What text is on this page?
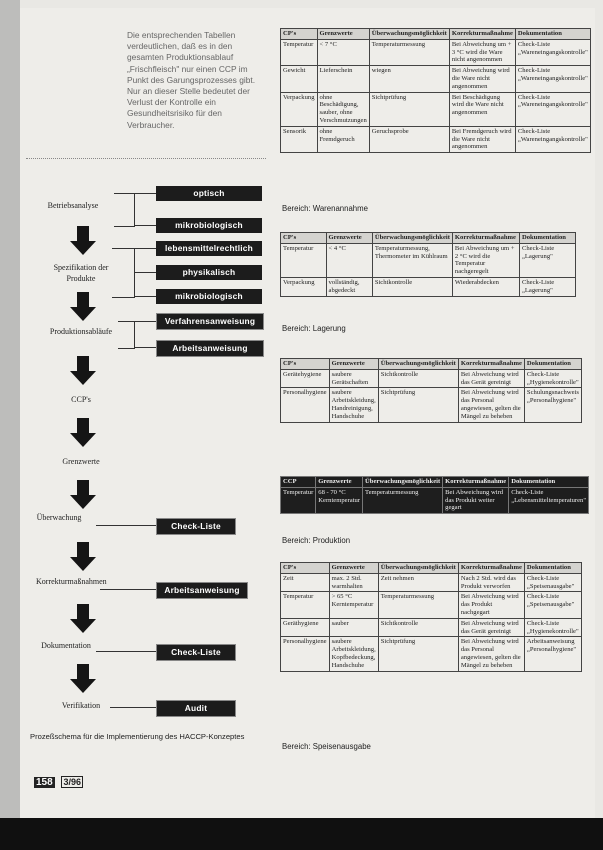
Die entsprechenden Tabellen verdeutlichen, daß es in den gesamten Produktionsablauf „Frischfleisch" nur einen CCP im Punkt des Garungsprozesses gibt. Nur an dieser Stelle bedeutet der Verlust der Kontrolle ein Gesundheitsrisiko für den Verbraucher.
Betriebsanalyse
Spezifikation der Produkte
Produktionsabläufe
CCP's
Grenzwerte
Überwachung
Korrekturmaßnahmen
Dokumentation
Verifikation
optisch
mikrobiologisch
lebensmittelrechtlich
physikalisch
mikrobiologisch
Verfahrensanweisung
Arbeitsanweisung
Check-Liste
Arbeitsanweisung
Check-Liste
Audit
Prozeßschema für die Implementierung des HACCP-Konzeptes
CP's	Grenzwerte	Überwachungsmöglichkeit	Korrekturmaßnahme	Dokumentation
Temperatur	< 7 °C	Temperaturmessung	Bei Abweichung um + 3 °C wird die Ware nicht angenommen	Check-Liste „Wareneingangskontrolle"
Gewicht	Lieferschein	wiegen	Bei Abweichung wird die Ware nicht angenommen	Check-Liste „Wareneingangskontrolle"
Verpackung	ohne Beschädigung, sauber, ohne Verschmutzungen	Sichtprüfung	Bei Beschädigung wird die Ware nicht angenommen	Check-Liste „Wareneingangskontrolle"
Sensorik	ohne Fremdgeruch	Geruchsprobe	Bei Fremdgeruch wird die Ware nicht angenommen	Check-Liste „Wareneingangskontrolle"
Bereich: Warenannahme
CP's	Grenzwerte	Überwachungsmöglichkeit	Korrekturmaßnahme	Dokumentation
Temperatur	< 4 °C	Temperaturmessung, Thermometer im Kühlraum	Bei Abweichung um + 2 °C wird die Temperatur nachgeregelt	Check-Liste „Lagerung"
Verpackung	vollständig, abgedeckt	Sichtkontrolle	Wiederabdecken	Check-Liste „Lagerung"
Bereich: Lagerung
CP's	Grenzwerte	Überwachungsmöglichkeit	Korrekturmaßnahme	Dokumentation
Gerätehygiene	saubere Gerätschaften	Sichtkontrolle	Bei Abweichung wird das Gerät gereinigt	Check-Liste „Hygienekontrolle"
Personalhygiene	saubere Arbeitskleidung, Handreinigung, Handschuhe	Sichtprüfung	Bei Abweichung wird das Personal angewiesen, gelten die Mängel zu beheben	Schulungsnachweis „Personalhygiene"
CCP	Grenzwerte	Überwachungsmöglichkeit	Korrekturmaßnahme	Dokumentation
Temperatur	68 - 70 °C Kerntemperatur	Temperaturmessung	Bei Abweichung wird das Produkt weiter gegart	Check-Liste „Lebensmitteltemperaturen"
Bereich: Produktion
CP's	Grenzwerte	Überwachungsmöglichkeit	Korrekturmaßnahme	Dokumentation
Zeit	max. 2 Std. warmhalten	Zeit nehmen	Nach 2 Std. wird das Produkt verworfen	Check-Liste „Speisenausgabe"
Temperatur	> 65 °C Kerntemperatur	Temperaturmessung	Bei Abweichung wird das Produkt nachgegart	Check-Liste „Speisenausgabe"
Geräthygiene	sauber	Sichtkontrolle	Bei Abweichung wird das Gerät gereinigt	Check-Liste „Hygienekontrolle"
Personalhygiene	saubere Arbeitskleidung, Kopfbedeckung, Handschuhe	Sichtprüfung	Bei Abweichung wird das Personal angewiesen, gelten die Mängel zu beheben	Arbeitsanweisung „Personalhygiene"
Bereich: Speisenausgabe
158 3/96
